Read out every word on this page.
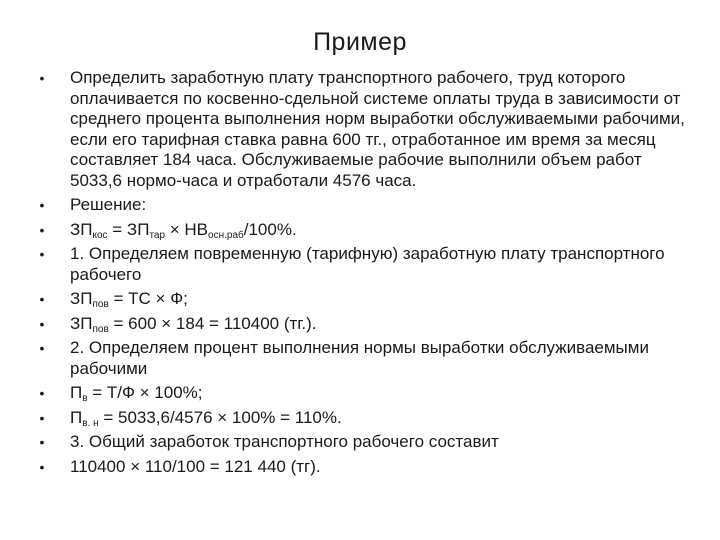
Пример
• Определить заработную плату транспортного рабочего, труд которого оплачивается по косвенно-сдельной системе оплаты труда в зависимости от среднего процента выполнения норм выработки обслуживаемыми рабочими, если его тарифная ставка равна 600 тг., отработанное им время за месяц составляет 184 часа. Обслуживаемые рабочие выполнили объем работ 5033,6 нормо-часа и отработали 4576 часа.
• Решение:
• $ЗП_{кос} = ЗП_{тар} \times НВ_{осн.раб}/100\%$.
• 1. Определяем повременную (тарифную) заработную плату транспортного рабочего
• $ЗП_{пов}$ = ТС × Ф;
• $ЗП_{пов} = 600 \times 184 = 110400$ (тг.).
• 2. Определяем процент выполнения нормы выработки обслуживаемыми рабочими
• $П_в = Т/Ф \times 100\%$;
• $П_{в. н} = 5033,6/4576 \times 100\% = 110\%$.
• 3. Общий заработок транспортного рабочего составит
• 110400 × 110/100 = 121 440 (тг).
